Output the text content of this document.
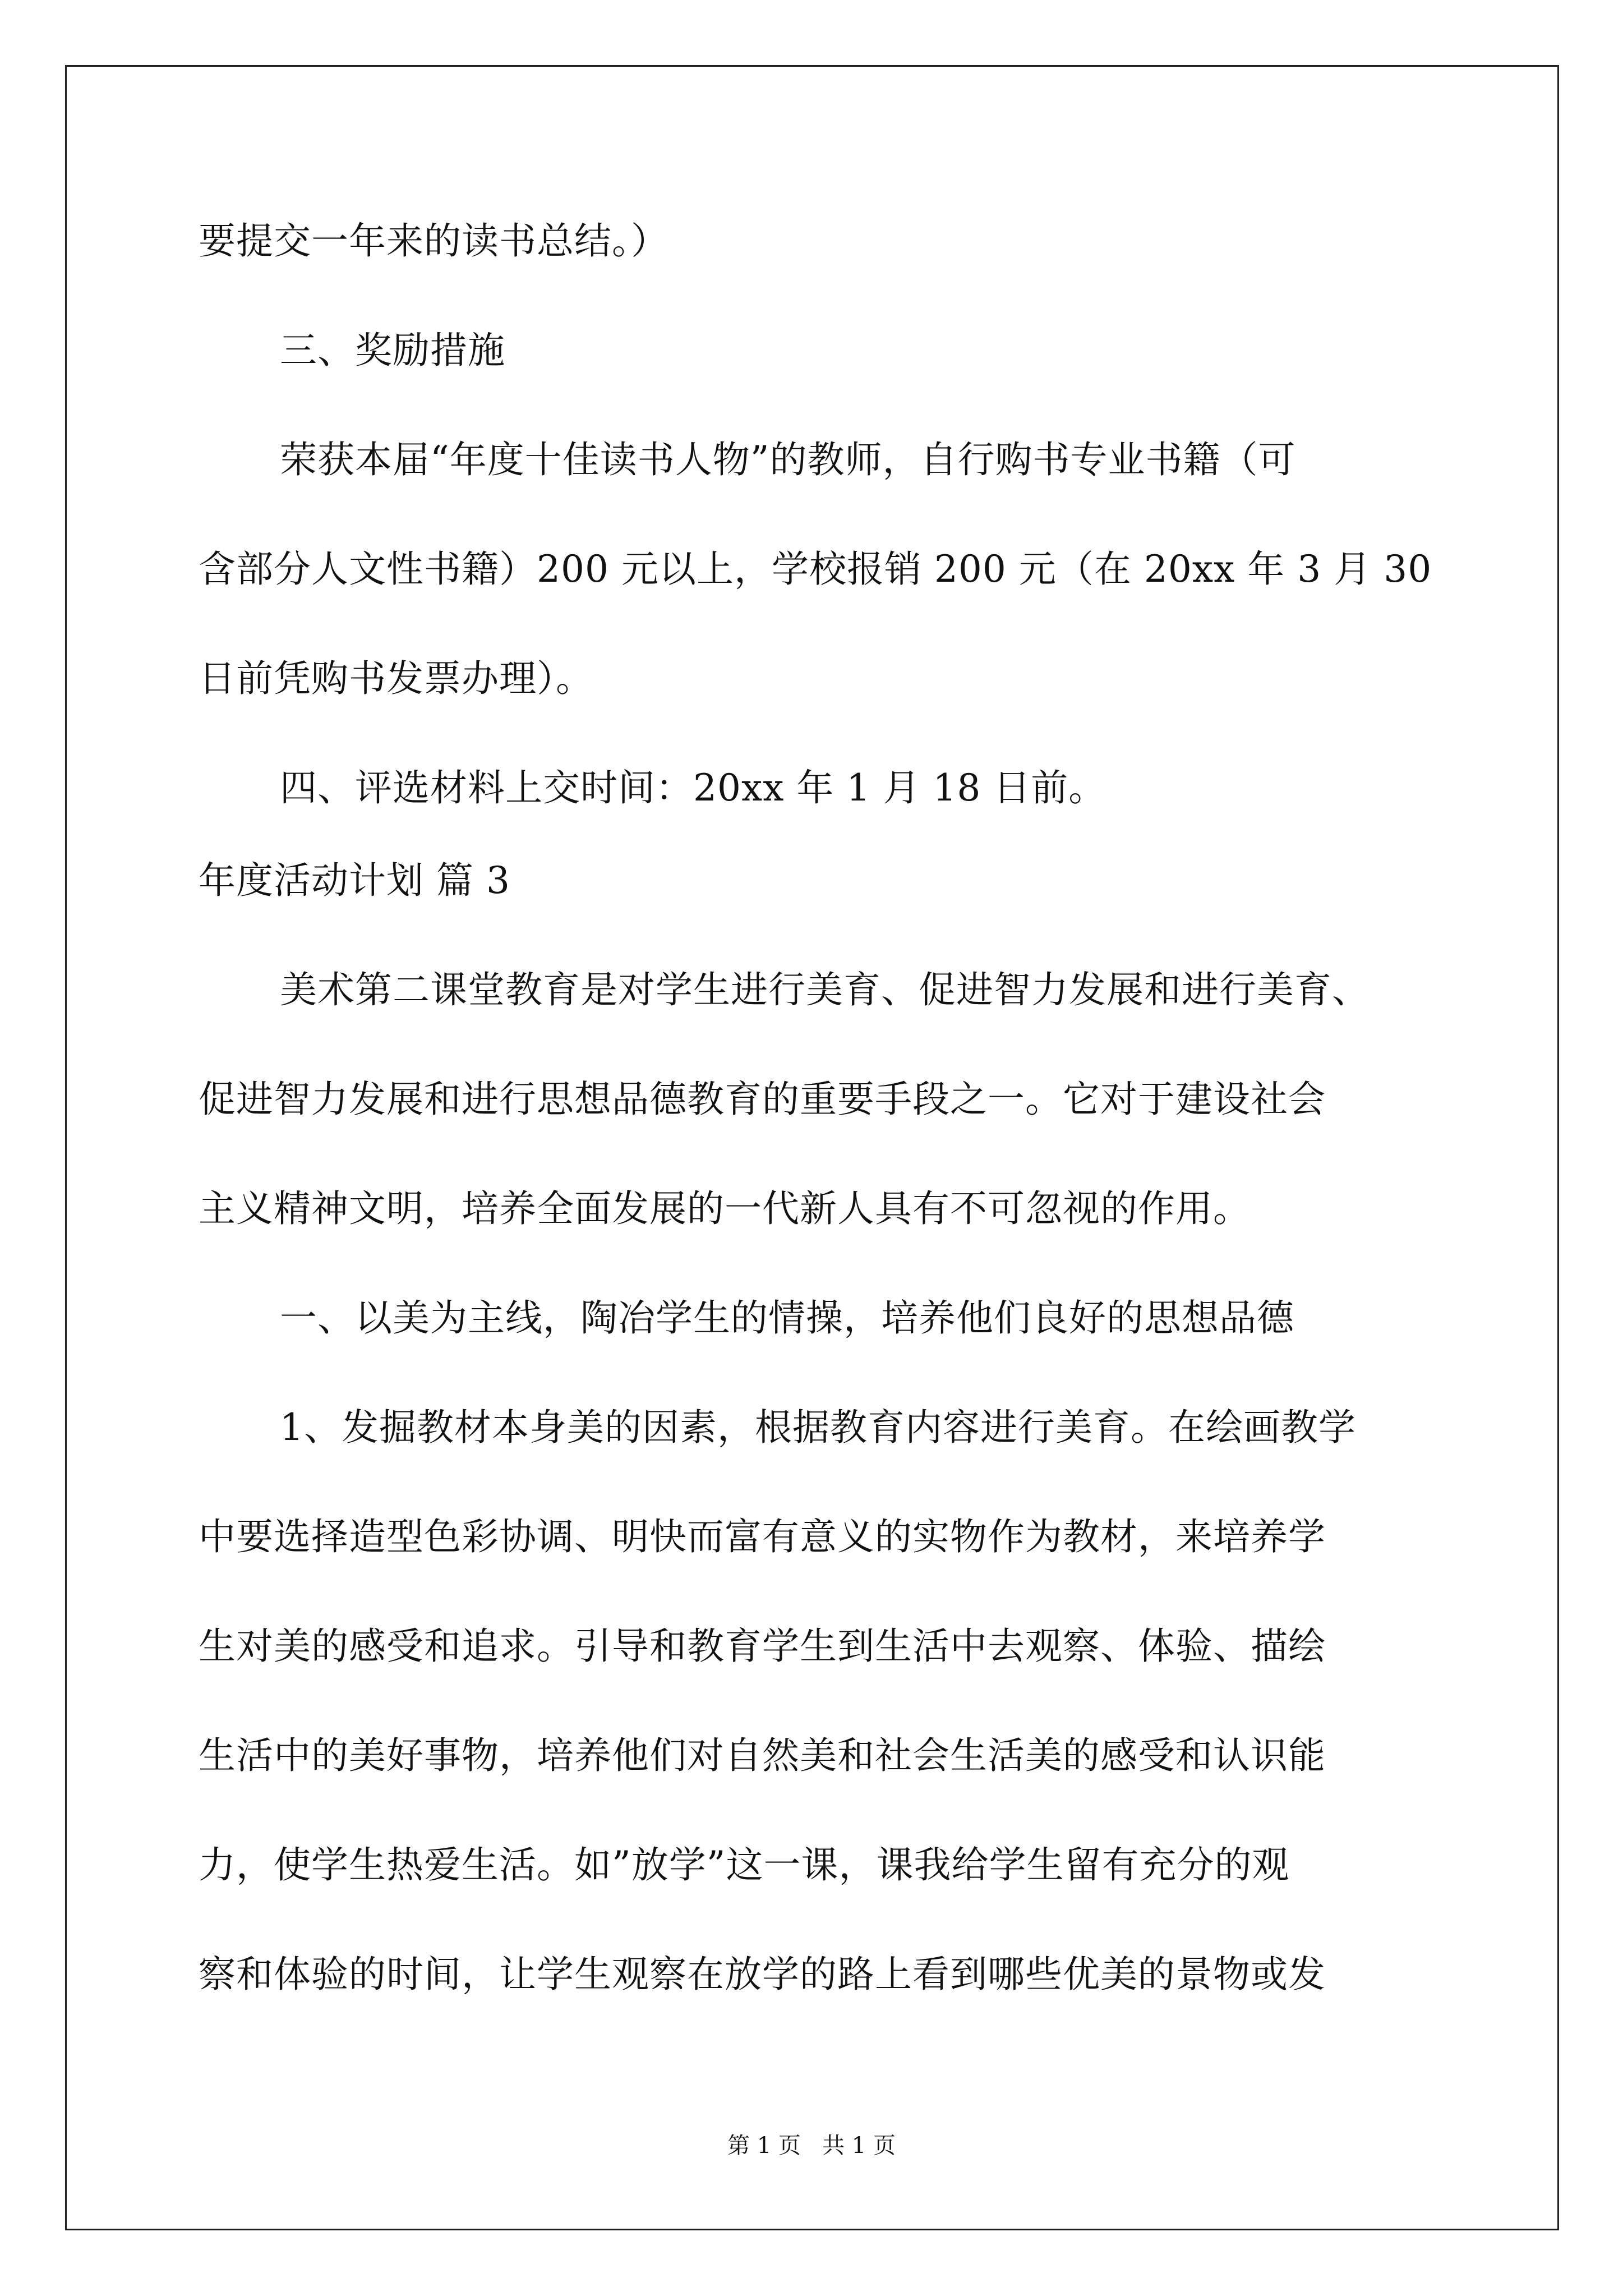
要提交一年来的读书总结。）
三、奖励措施
荣获本届“年度十佳读书人物”的教师，自行购书专业书籍（可
含部分人文性书籍）200 元以上，学校报销 200 元（在 20xx 年 3 月 30
日前凭购书发票办理）。
四、评选材料上交时间：20xx 年 1 月 18 日前。
年度活动计划 篇 3
美术第二课堂教育是对学生进行美育、促进智力发展和进行美育、
促进智力发展和进行思想品德教育的重要手段之一。它对于建设社会
主义精神文明，培养全面发展的一代新人具有不可忽视的作用。
一、以美为主线，陶冶学生的情操，培养他们良好的思想品德
1、发掘教材本身美的因素，根据教育内容进行美育。在绘画教学
中要选择造型色彩协调、明快而富有意义的实物作为教材，来培养学
生对美的感受和追求。引导和教育学生到生活中去观察、体验、描绘
生活中的美好事物，培养他们对自然美和社会生活美的感受和认识能
力，使学生热爱生活。如”放学”这一课，课我给学生留有充分的观
察和体验的时间，让学生观察在放学的路上看到哪些优美的景物或发
第 1 页   共 1 页
